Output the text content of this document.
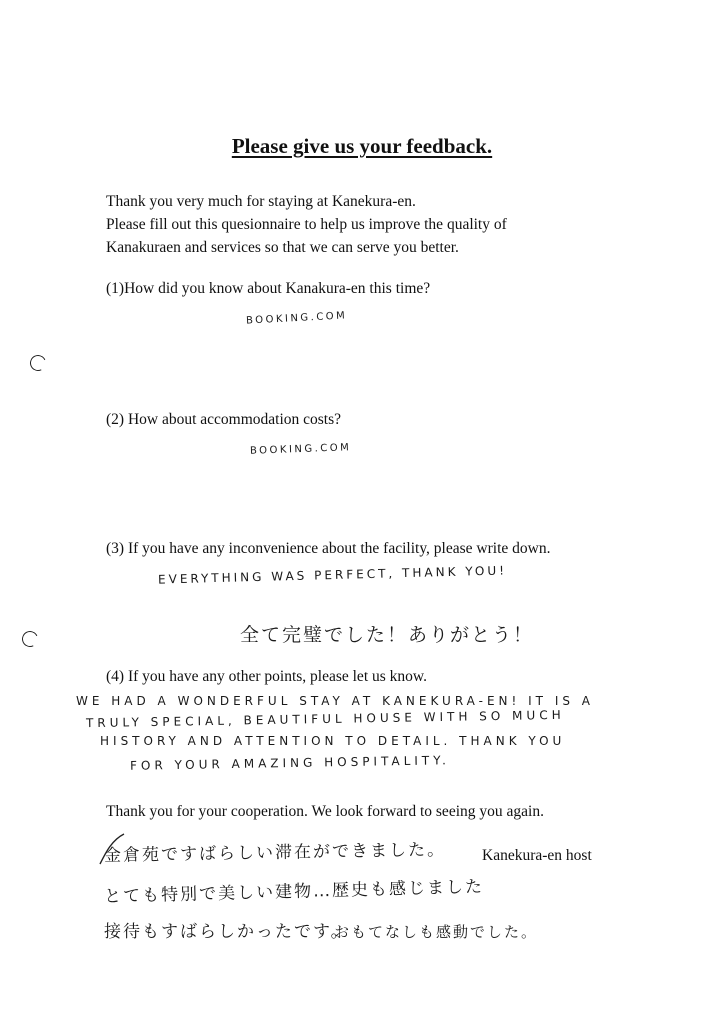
Please give us your feedback.
Thank you very much for staying at Kanekura-en.
Please fill out this quesionnaire to help us improve the quality of
Kanakuraen and services so that we can serve you better.
(1)How did you know about Kanakura-en this time?
BOOKING.COM
(2) How about accommodation costs?
BOOKING.COM
(3) If you have any inconvenience about the facility, please write down.
EVERYTHING WAS PERFECT, THANK YOU!
全て完璧でした！ありがとう！
(4) If you have any other points, please let us know.
WE HAD A WONDERFUL STAY AT KANEKURA-EN! IT IS A
TRULY SPECIAL, BEAUTIFUL HOUSE WITH SO MUCH
HISTORY AND ATTENTION TO DETAIL. THANK YOU
FOR YOUR AMAZING HOSPITALITY.
Thank you for your cooperation. We look forward to seeing you again.
金倉苑ですばらしい滞在ができました。 Kanekura-en host
とても特別で美しい建物…歴史も感じました
接待もすばらしかったです。
おもてなしも感動でした。
